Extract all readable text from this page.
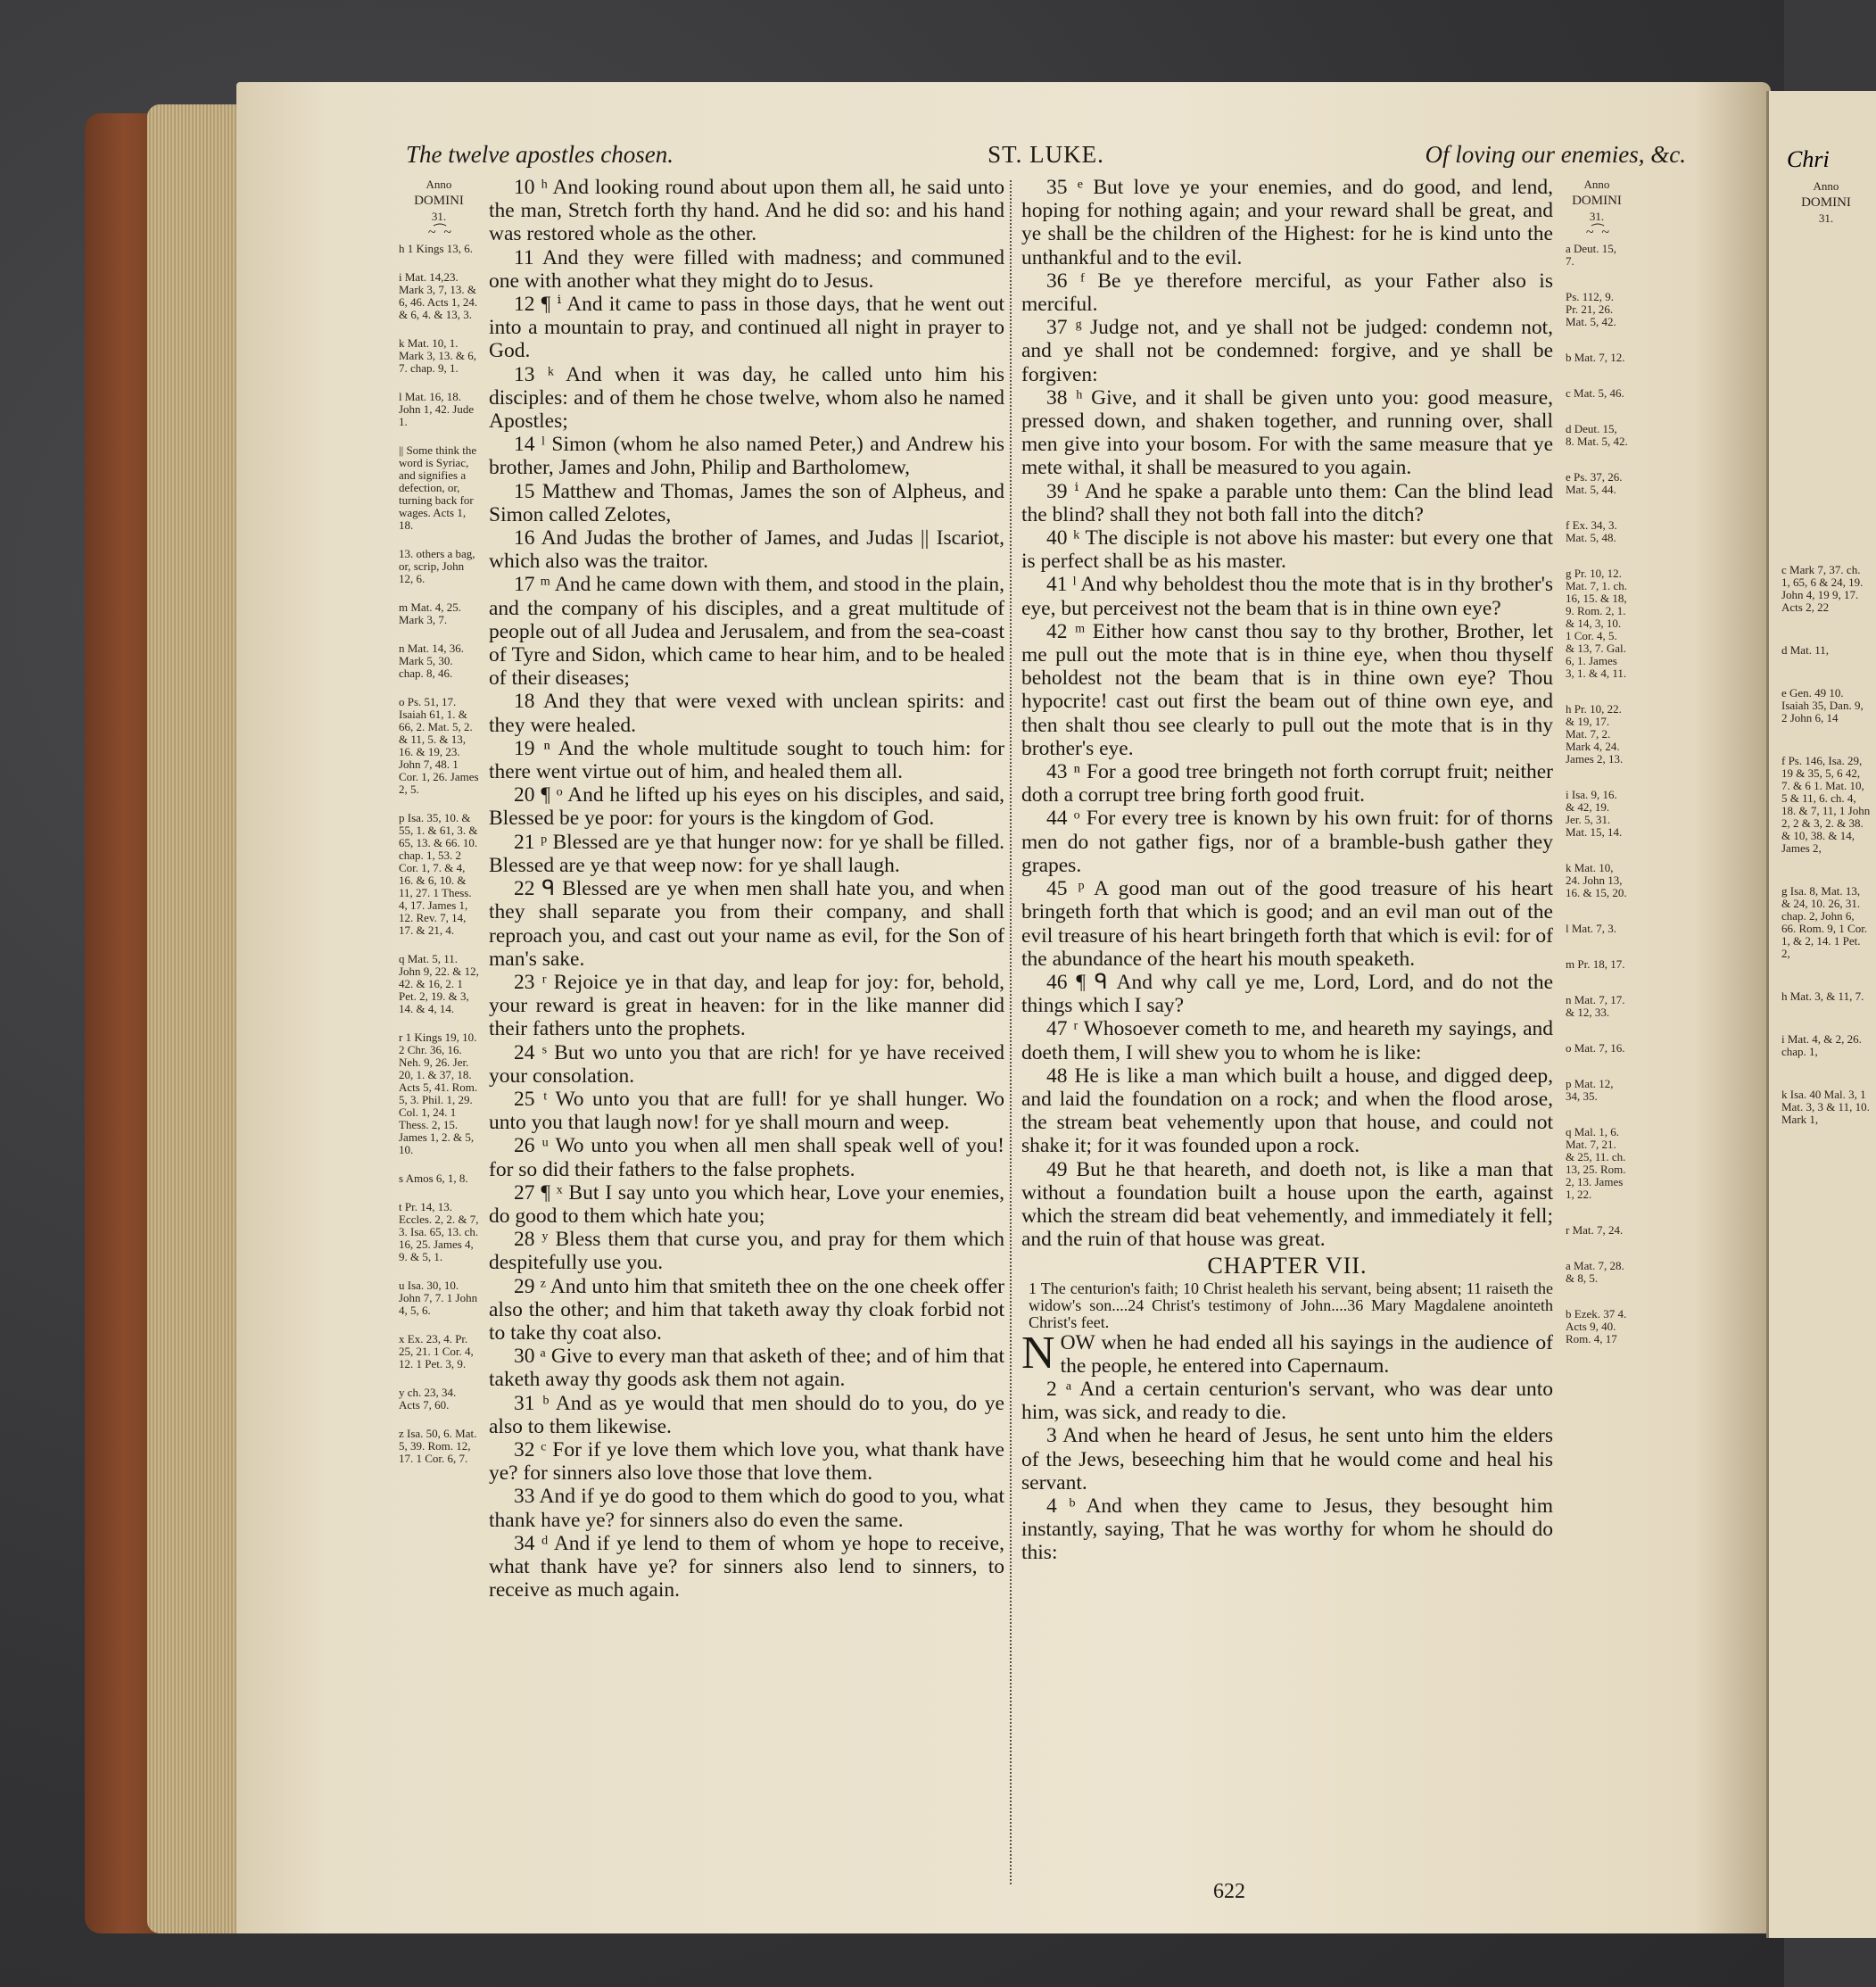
The twelve apostles chosen.	ST. LUKE.	Of loving our enemies, &c.
Anno
DOMINI
31.
~⁀~
h 1 Kings 13, 6.
i Mat. 14,23. Mark 3, 7, 13. & 6, 46. Acts 1, 24. & 6, 4. & 13, 3.
k Mat. 10, 1. Mark 3, 13. & 6, 7. chap. 9, 1.
l Mat. 16, 18. John 1, 42. Jude 1.
|| Some think the word is Syriac, and signifies a defection, or, turning back for wages. Acts 1, 18.
13. others a bag, or, scrip, John 12, 6.
m Mat. 4, 25. Mark 3, 7.
n Mat. 14, 36. Mark 5, 30. chap. 8, 46.
o Ps. 51, 17. Isaiah 61, 1. & 66, 2. Mat. 5, 2. & 11, 5. & 13, 16. & 19, 23. John 7, 48. 1 Cor. 1, 26. James 2, 5.
p Isa. 35, 10. & 55, 1. & 61, 3. & 65, 13. & 66. 10. chap. 1, 53. 2 Cor. 1, 7. & 4, 16. & 6, 10. & 11, 27. 1 Thess. 4, 17. James 1, 12. Rev. 7, 14, 17. & 21, 4.
q Mat. 5, 11. John 9, 22. & 12, 42. & 16, 2. 1 Pet. 2, 19. & 3, 14. & 4, 14.
r 1 Kings 19, 10. 2 Chr. 36, 16. Neh. 9, 26. Jer. 20, 1. & 37, 18. Acts 5, 41. Rom. 5, 3. Phil. 1, 29. Col. 1, 24. 1 Thess. 2, 15. James 1, 2. & 5, 10.
s Amos 6, 1, 8.
t Pr. 14, 13. Eccles. 2, 2. & 7, 3. Isa. 65, 13. ch. 16, 25. James 4, 9. & 5, 1.
u Isa. 30, 10. John 7, 7. 1 John 4, 5, 6.
x Ex. 23, 4. Pr. 25, 21. 1 Cor. 4, 12. 1 Pet. 3, 9.
y ch. 23, 34. Acts 7, 60.
z Isa. 50, 6. Mat. 5, 39. Rom. 12, 17. 1 Cor. 6, 7.

10 ʰ And looking round about upon them all, he said unto the man, Stretch forth thy hand. And he did so: and his hand was restored whole as the other.

11 And they were filled with madness; and communed one with another what they might do to Jesus.

12 ¶ ⁱ And it came to pass in those days, that he went out into a mountain to pray, and continued all night in prayer to God.

13 ᵏ And when it was day, he called unto him his disciples: and of them he chose twelve, whom also he named Apostles;

14 ˡ Simon (whom he also named Peter,) and Andrew his brother, James and John, Philip and Bartholomew,

15 Matthew and Thomas, James the son of Alpheus, and Simon called Zelotes,

16 And Judas the brother of James, and Judas || Iscariot, which also was the traitor.

17 ᵐ And he came down with them, and stood in the plain, and the company of his disciples, and a great multitude of people out of all Judea and Jerusalem, and from the sea-coast of Tyre and Sidon, which came to hear him, and to be healed of their diseases;

18 And they that were vexed with unclean spirits: and they were healed.

19 ⁿ And the whole multitude sought to touch him: for there went virtue out of him, and healed them all.

20 ¶ ᵒ And he lifted up his eyes on his disciples, and said, Blessed be ye poor: for yours is the kingdom of God.

21 ᵖ Blessed are ye that hunger now: for ye shall be filled. Blessed are ye that weep now: for ye shall laugh.

22 ᑫ Blessed are ye when men shall hate you, and when they shall separate you from their company, and shall reproach you, and cast out your name as evil, for the Son of man's sake.

23 ʳ Rejoice ye in that day, and leap for joy: for, behold, your reward is great in heaven: for in the like manner did their fathers unto the prophets.

24 ˢ But wo unto you that are rich! for ye have received your consolation.

25 ᵗ Wo unto you that are full! for ye shall hunger. Wo unto you that laugh now! for ye shall mourn and weep.

26 ᵘ Wo unto you when all men shall speak well of you! for so did their fathers to the false prophets.

27 ¶ ˣ But I say unto you which hear, Love your enemies, do good to them which hate you;

28 ʸ Bless them that curse you, and pray for them which despitefully use you.

29 ᶻ And unto him that smiteth thee on the one cheek offer also the other; and him that taketh away thy cloak forbid not to take thy coat also.

30 ᵃ Give to every man that asketh of thee; and of him that taketh away thy goods ask them not again.

31 ᵇ And as ye would that men should do to you, do ye also to them likewise.

32 ᶜ For if ye love them which love you, what thank have ye? for sinners also love those that love them.

33 And if ye do good to them which do good to you, what thank have ye? for sinners also do even the same.

34 ᵈ And if ye lend to them of whom ye hope to receive, what thank have ye? for sinners also lend to sinners, to receive as much again.

35 ᵉ But love ye your enemies, and do good, and lend, hoping for nothing again; and your reward shall be great, and ye shall be the children of the Highest: for he is kind unto the unthankful and to the evil.

36 ᶠ Be ye therefore merciful, as your Father also is merciful.

37 ᵍ Judge not, and ye shall not be judged: condemn not, and ye shall not be condemned: forgive, and ye shall be forgiven:

38 ʰ Give, and it shall be given unto you: good measure, pressed down, and shaken together, and running over, shall men give into your bosom. For with the same measure that ye mete withal, it shall be measured to you again.

39 ⁱ And he spake a parable unto them: Can the blind lead the blind? shall they not both fall into the ditch?

40 ᵏ The disciple is not above his master: but every one that is perfect shall be as his master.

41 ˡ And why beholdest thou the mote that is in thy brother's eye, but perceivest not the beam that is in thine own eye?

42 ᵐ Either how canst thou say to thy brother, Brother, let me pull out the mote that is in thine eye, when thou thyself beholdest not the beam that is in thine own eye? Thou hypocrite! cast out first the beam out of thine own eye, and then shalt thou see clearly to pull out the mote that is in thy brother's eye.

43 ⁿ For a good tree bringeth not forth corrupt fruit; neither doth a corrupt tree bring forth good fruit.

44 ᵒ For every tree is known by his own fruit: for of thorns men do not gather figs, nor of a bramble-bush gather they grapes.

45 ᵖ A good man out of the good treasure of his heart bringeth forth that which is good; and an evil man out of the evil treasure of his heart bringeth forth that which is evil: for of the abundance of the heart his mouth speaketh.

46 ¶ ᑫ And why call ye me, Lord, Lord, and do not the things which I say?

47 ʳ Whosoever cometh to me, and heareth my sayings, and doeth them, I will shew you to whom he is like:

48 He is like a man which built a house, and digged deep, and laid the foundation on a rock; and when the flood arose, the stream beat vehemently upon that house, and could not shake it; for it was founded upon a rock.

49 But he that heareth, and doeth not, is like a man that without a foundation built a house upon the earth, against which the stream did beat vehemently, and immediately it fell; and the ruin of that house was great.

CHAPTER VII.

1 The centurion's faith; 10 Christ healeth his servant, being absent; 11 raiseth the widow's son....24 Christ's testimony of John....36 Mary Magdalene anointeth Christ's feet.

NOW when he had ended all his sayings in the audience of the people, he entered into Capernaum.

2 ᵃ And a certain centurion's servant, who was dear unto him, was sick, and ready to die.

3 And when he heard of Jesus, he sent unto him the elders of the Jews, beseeching him that he would come and heal his servant.

4 ᵇ And when they came to Jesus, they besought him instantly, saying, That he was worthy for whom he should do this:

Anno
DOMINI
31.
~⁀~
a Deut. 15, 7.
Ps. 112, 9. Pr. 21, 26. Mat. 5, 42.
b Mat. 7, 12.
c Mat. 5, 46.
d Deut. 15, 8. Mat. 5, 42.
e Ps. 37, 26. Mat. 5, 44.
f Ex. 34, 3. Mat. 5, 48.
g Pr. 10, 12. Mat. 7, 1. ch. 16, 15. & 18, 9. Rom. 2, 1. & 14, 3, 10. 1 Cor. 4, 5. & 13, 7. Gal. 6, 1. James 3, 1. & 4, 11.
h Pr. 10, 22. & 19, 17. Mat. 7, 2. Mark 4, 24. James 2, 13.
i Isa. 9, 16. & 42, 19. Jer. 5, 31. Mat. 15, 14.
k Mat. 10, 24. John 13, 16. & 15, 20.
l Mat. 7, 3.
m Pr. 18, 17.
n Mat. 7, 17. & 12, 33.
o Mat. 7, 16.
p Mat. 12, 34, 35.
q Mal. 1, 6. Mat. 7, 21. & 25, 11. ch. 13, 25. Rom. 2, 13. James 1, 22.
r Mat. 7, 24.
a Mat. 7, 28. & 8, 5.
b Ezek. 37 4. Acts 9, 40. Rom. 4, 17
622
Chri
Anno
DOMINI
31.
c Mark 7, 37. ch. 1, 65, 6 & 24, 19. John 4, 19 9, 17. Acts 2, 22
d Mat. 11,
e Gen. 49 10. Isaiah 35, Dan. 9, 2 John 6, 14
f Ps. 146, Isa. 29, 19 & 35, 5, 6 42, 7. & 6 1. Mat. 10, 5 & 11, 6. ch. 4, 18. & 7, 11, 1 John 2, 2 & 3, 2. & 38. & 10, 38. & 14, James 2,
g Isa. 8, Mat. 13, & 24, 10. 26, 31. chap. 2, John 6, 66. Rom. 9, 1 Cor. 1, & 2, 14. 1 Pet. 2,
h Mat. 3, & 11, 7.
i Mat. 4, & 2, 26. chap. 1,
k Isa. 40 Mal. 3, 1 Mat. 3, 3 & 11, 10. Mark 1,
